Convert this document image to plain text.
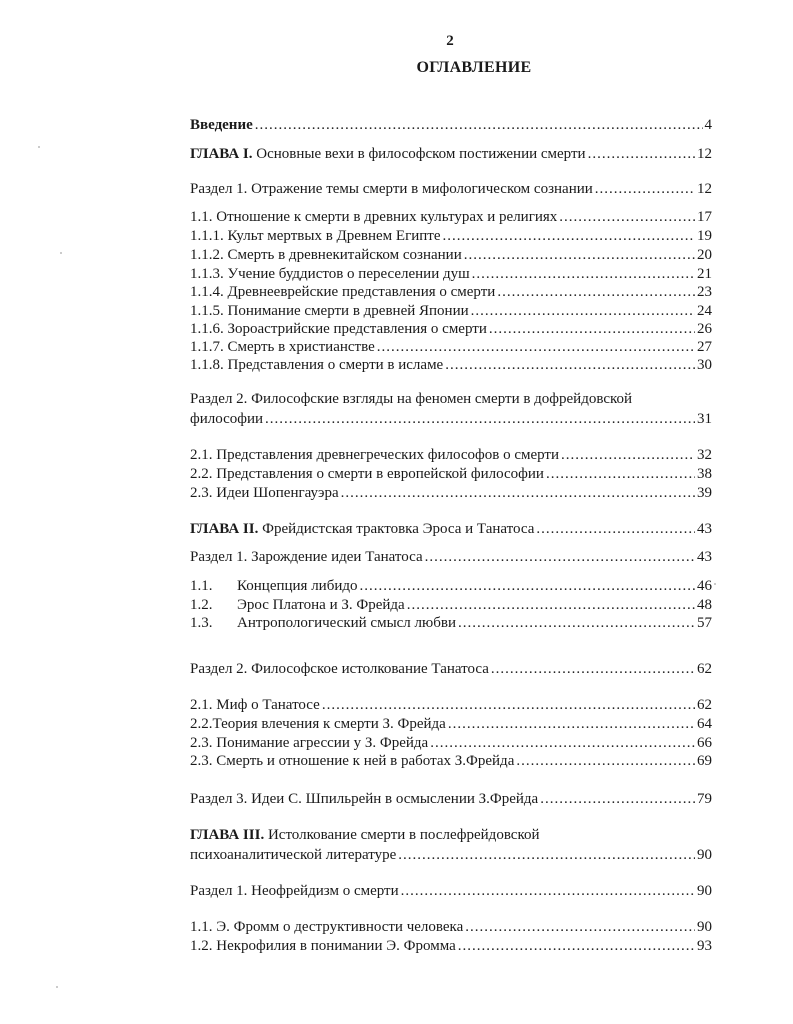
2
ОГЛАВЛЕНИЕ
Введение .....	4
ГЛАВА I. Основные вехи в философском постижении смерти .....	12
Раздел 1. Отражение темы смерти в мифологическом сознании .....	12
1.1. Отношение к смерти в древних культурах и религиях .....	17
1.1.1. Культ мертвых в Древнем Египте .....	19
1.1.2. Смерть в древнекитайском сознании .....	20
1.1.3. Учение буддистов о переселении душ .....	21
1.1.4. Древнееврейские представления о смерти .....	23
1.1.5. Понимание смерти в древней Японии .....	24
1.1.6. Зороастрийские представления о смерти .....	26
1.1.7. Смерть в христианстве .....	27
1.1.8. Представления о смерти в исламе .....	30
Раздел 2. Философские взгляды на феномен смерти в дофрейдовской
философии .....	31
2.1. Представления древнегреческих философов о смерти .....	32
2.2. Представления о смерти в европейской философии .....	38
2.3. Идеи Шопенгауэра .....	39
ГЛАВА II. Фрейдистская трактовка Эроса и Танатоса .....	43
Раздел 1. Зарождение идеи Танатоса .....	43
1.1. Концепция либидо .....	46
1.2. Эрос Платона и З. Фрейда .....	48
1.3. Антропологический смысл любви .....	57
Раздел 2. Философское истолкование Танатоса .....	62
2.1. Миф о Танатосе .....	62
2.2.Теория влечения к смерти З. Фрейда .....	64
2.3. Понимание агрессии у З. Фрейда .....	66
2.3. Смерть и отношение к ней в работах З.Фрейда .....	69
Раздел 3. Идеи С. Шпильрейн в осмыслении З.Фрейда .....	79
ГЛАВА III. Истолкование смерти в послефрейдовской
психоаналитической литературе .....	90
Раздел 1. Неофрейдизм о смерти .....	90
1.1. Э. Фромм о деструктивности человека .....	90
1.2. Некрофилия в понимании Э. Фромма .....	93
